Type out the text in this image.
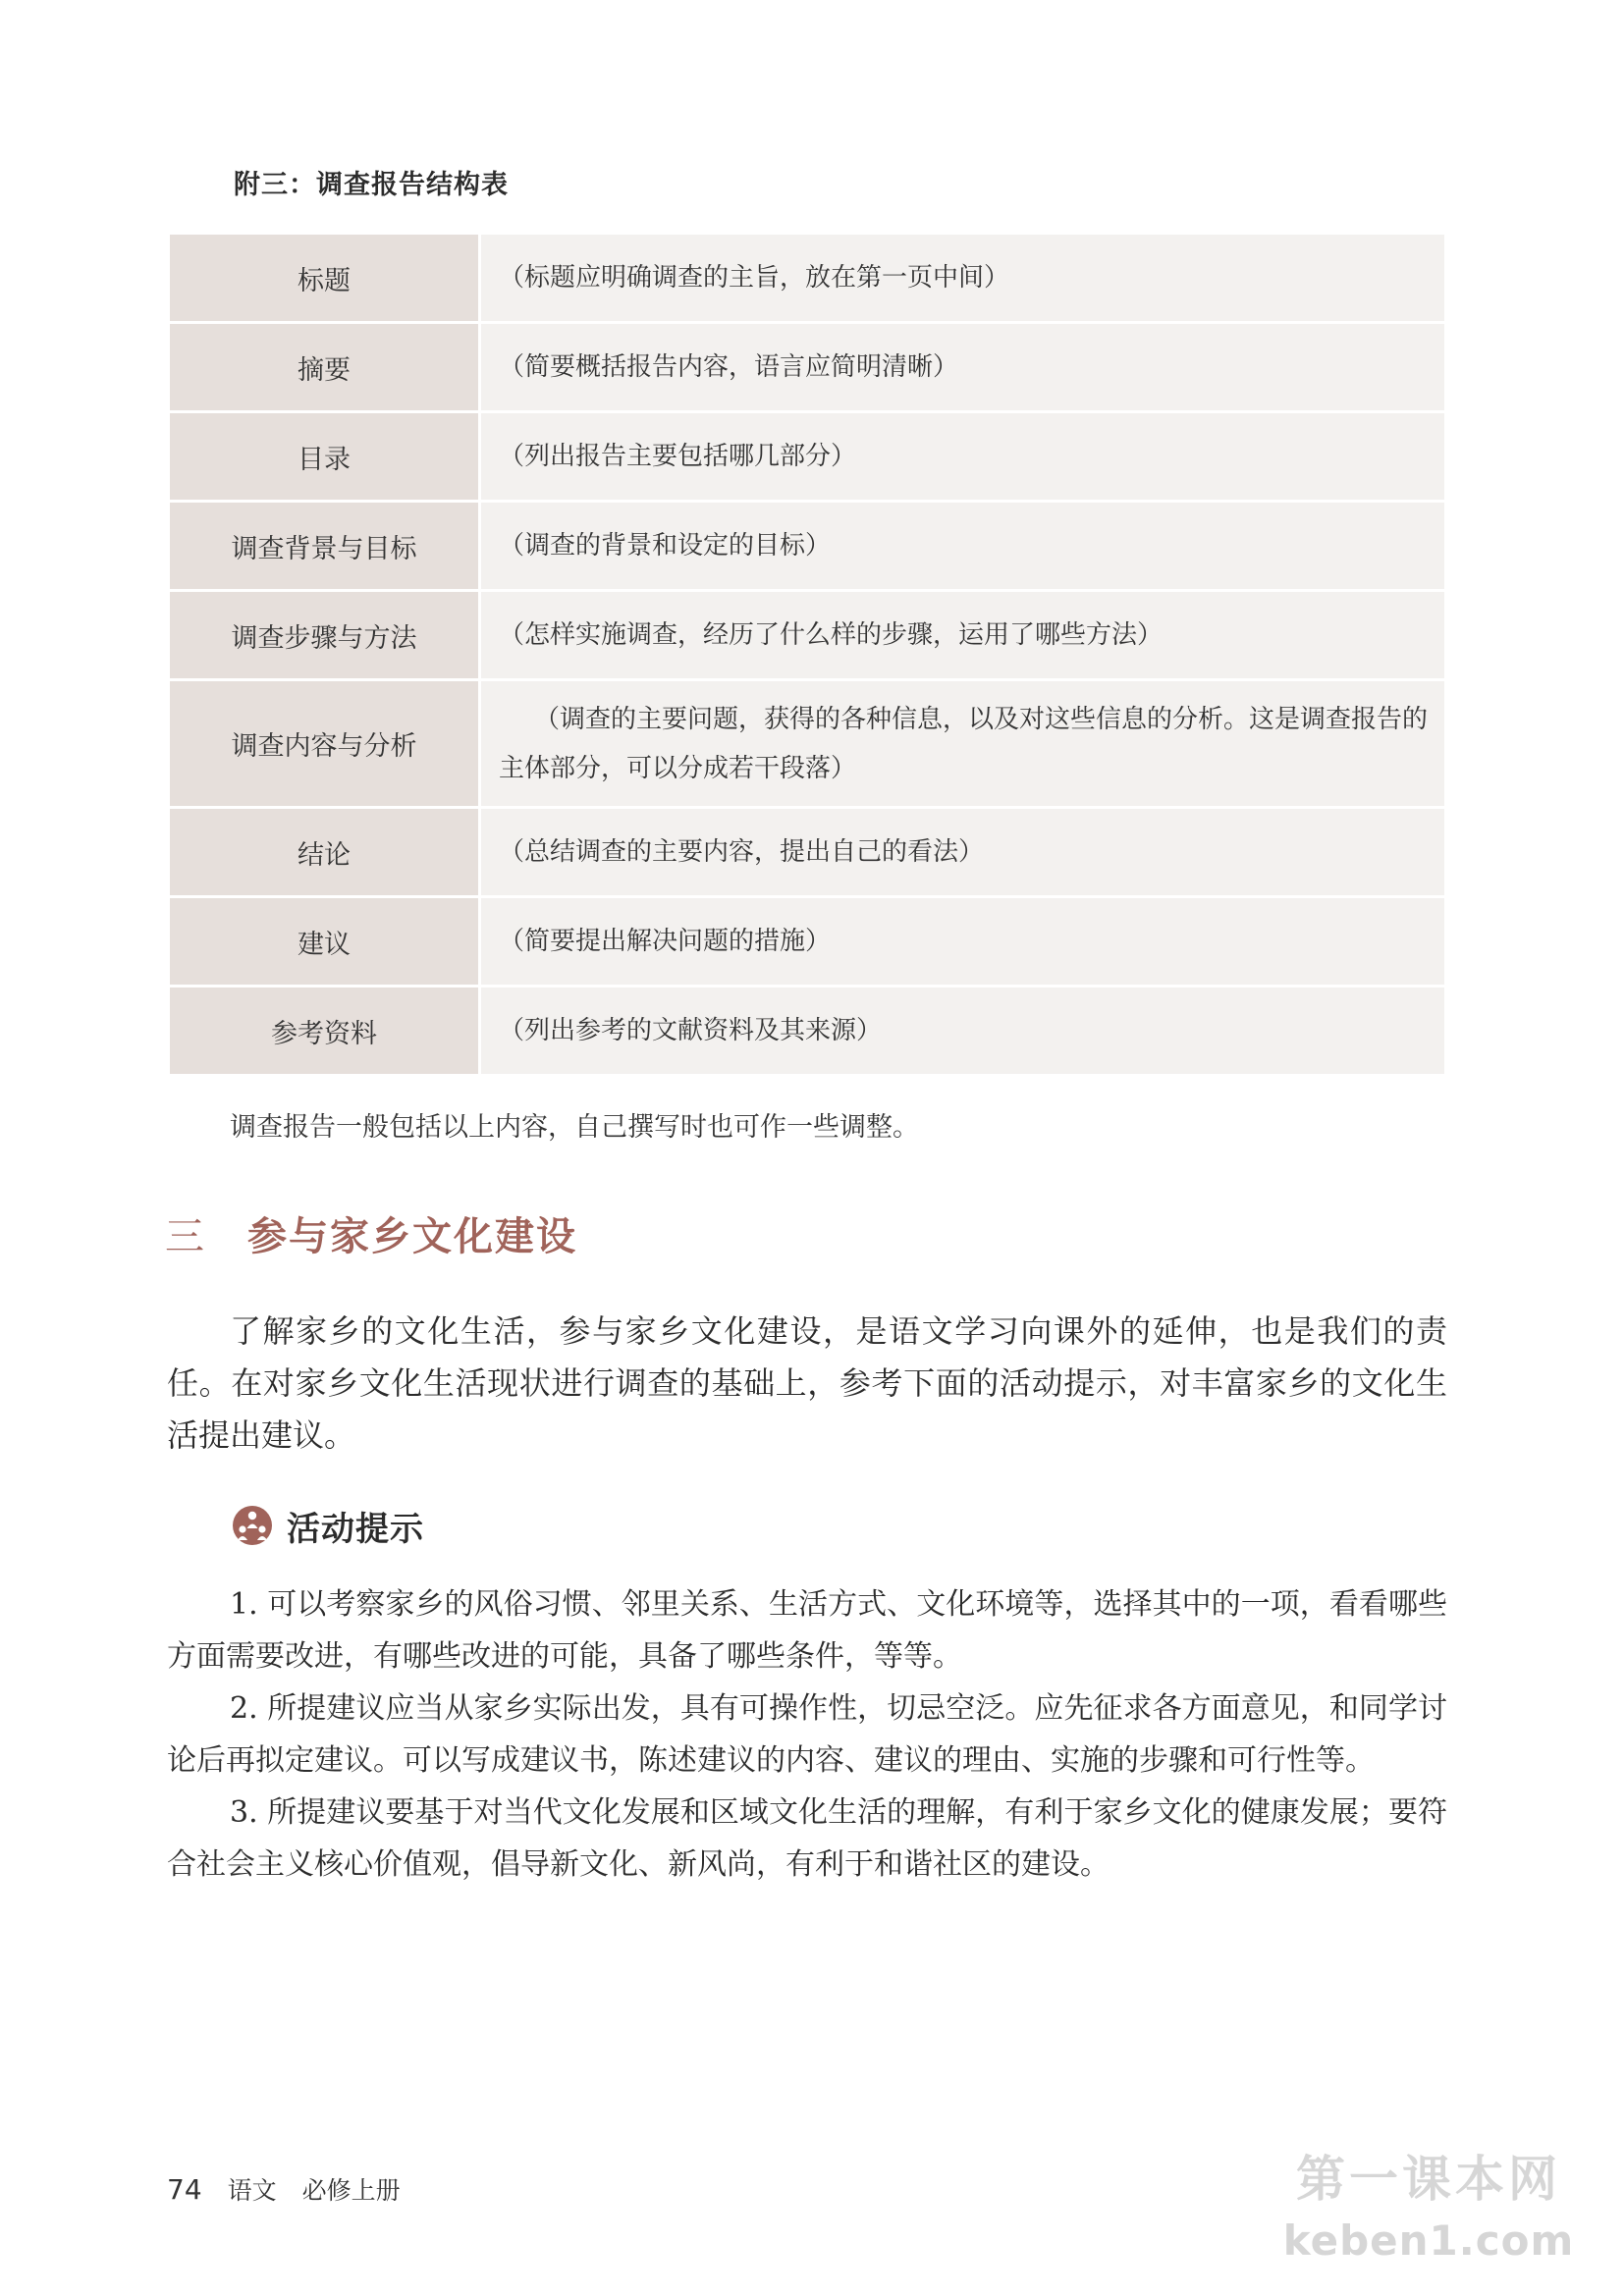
附三：调查报告结构表
标题	（标题应明确调查的主旨，放在第一页中间）
摘要	（简要概括报告内容，语言应简明清晰）
目录	（列出报告主要包括哪几部分）
调查背景与目标	（调查的背景和设定的目标）
调查步骤与方法	（怎样实施调查，经历了什么样的步骤，运用了哪些方法）
调查内容与分析	（调查的主要问题，获得的各种信息，以及对这些信息的分析。这是调查报告的主体部分，可以分成若干段落）
结论	（总结调查的主要内容，提出自己的看法）
建议	（简要提出解决问题的措施）
参考资料	（列出参考的文献资料及其来源）
调查报告一般包括以上内容，自己撰写时也可作一些调整。
三 参与家乡文化建设

了解家乡的文化生活，参与家乡文化建设，是语文学习向课外的延伸，也是我们的责任。在对家乡文化生活现状进行调查的基础上，参考下面的活动提示，对丰富家乡的文化生活提出建议。

活动提示

1. 可以考察家乡的风俗习惯、邻里关系、生活方式、文化环境等，选择其中的一项，看看哪些方面需要改进，有哪些改进的可能，具备了哪些条件，等等。

2. 所提建议应当从家乡实际出发，具有可操作性，切忌空泛。应先征求各方面意见，和同学讨论后再拟定建议。可以写成建议书，陈述建议的内容、建议的理由、实施的步骤和可行性等。

3. 所提建议要基于对当代文化发展和区域文化生活的理解，有利于家乡文化的健康发展；要符合社会主义核心价值观，倡导新文化、新风尚，有利于和谐社区的建设。

74 语文 必修上册	第一课本网
keben1.com
